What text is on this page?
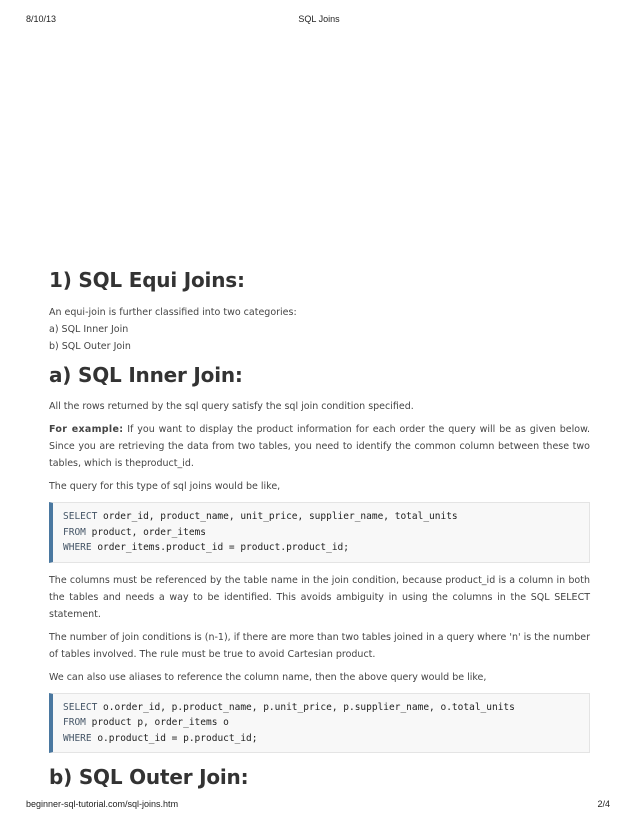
SQL Joins
8/10/13
1) SQL Equi Joins:

An equi-join is further classified into two categories:

a) SQL Inner Join

b) SQL Outer Join

a) SQL Inner Join:

All the rows returned by the sql query satisfy the sql join condition specified.

For example: If you want to display the product information for each order the query will be as given below. Since you are retrieving the data from two tables, you need to identify the common column between these two tables, which is theproduct_id.

The query for this type of sql joins would be like,

SELECT order_id, product_name, unit_price, supplier_name, total_units
FROM product, order_items
WHERE order_items.product_id = product.product_id;

The columns must be referenced by the table name in the join condition, because product_id is a column in both the tables and needs a way to be identified. This avoids ambiguity in using the columns in the SQL SELECT statement.

The number of join conditions is (n-1), if there are more than two tables joined in a query where 'n' is the number of tables involved. The rule must be true to avoid Cartesian product.

We can also use aliases to reference the column name, then the above query would be like,

SELECT o.order_id, p.product_name, p.unit_price, p.supplier_name, o.total_units
FROM product p, order_items o
WHERE o.product_id = p.product_id;
b) SQL Outer Join:
beginner-sql-tutorial.com/sql-joins.htm	2/4
